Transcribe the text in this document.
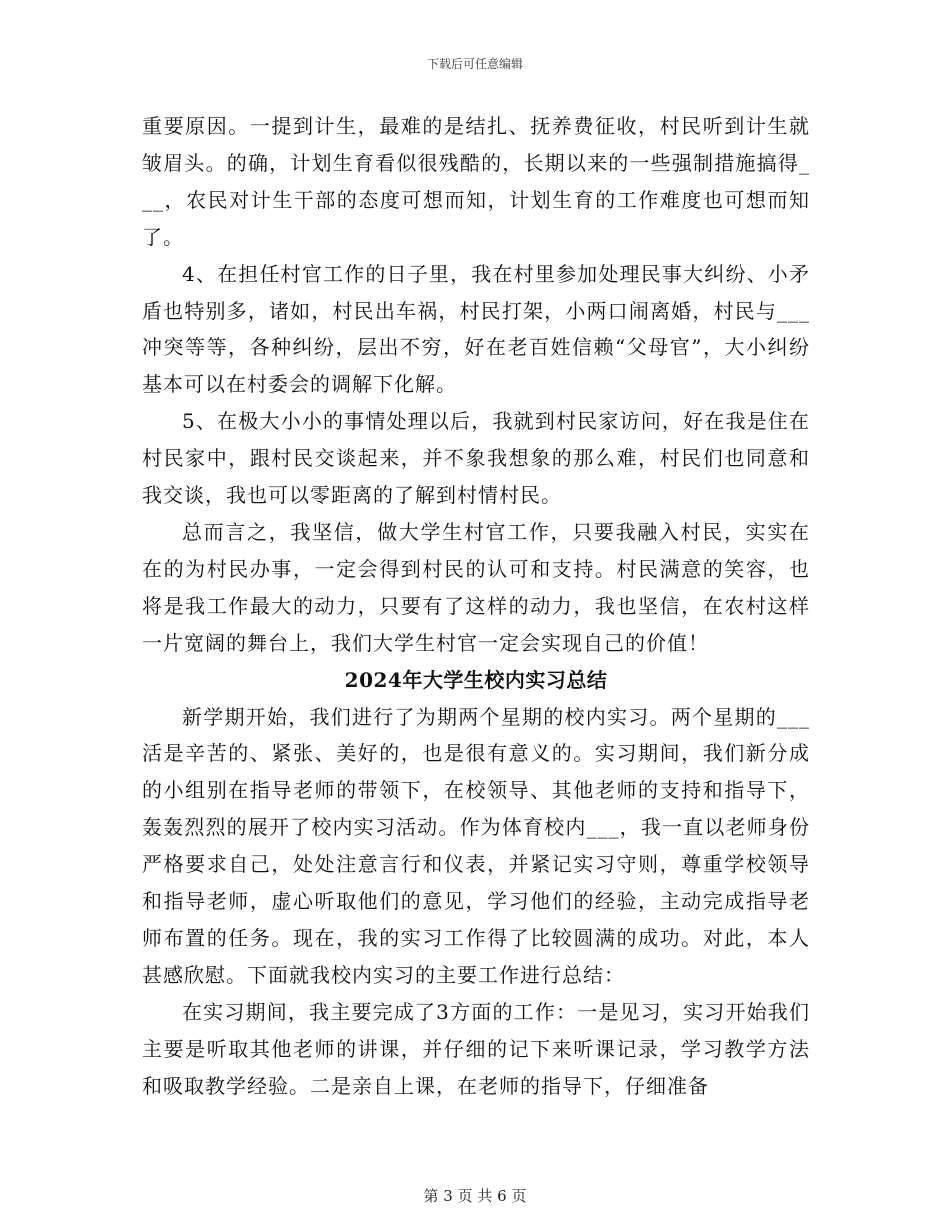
下载后可任意编辑

重要原因。一提到计生，最难的是结扎、抚养费征收，村民听到计生就皱眉头。的确，计划生育看似很残酷的，长期以来的一些强制措施搞得___，农民对计生干部的态度可想而知，计划生育的工作难度也可想而知了。

4、在担任村官工作的日子里，我在村里参加处理民事大纠纷、小矛盾也特别多，诸如，村民出车祸，村民打架，小两口闹离婚，村民与___冲突等等，各种纠纷，层出不穷，好在老百姓信赖“父母官”，大小纠纷基本可以在村委会的调解下化解。

5、在极大小小的事情处理以后，我就到村民家访问，好在我是住在村民家中，跟村民交谈起来，并不象我想象的那么难，村民们也同意和我交谈，我也可以零距离的了解到村情村民。

总而言之，我坚信，做大学生村官工作，只要我融入村民，实实在在的为村民办事，一定会得到村民的认可和支持。村民满意的笑容，也将是我工作最大的动力，只要有了这样的动力，我也坚信，在农村这样一片宽阔的舞台上，我们大学生村官一定会实现自己的价值！

2024年大学生校内实习总结

新学期开始，我们进行了为期两个星期的校内实习。两个星期的___活是辛苦的、紧张、美好的，也是很有意义的。实习期间，我们新分成的小组别在指导老师的带领下，在校领导、其他老师的支持和指导下，轰轰烈烈的展开了校内实习活动。作为体育校内___，我一直以老师身份严格要求自己，处处注意言行和仪表，并紧记实习守则，尊重学校领导和指导老师，虚心听取他们的意见，学习他们的经验，主动完成指导老师布置的任务。现在，我的实习工作得了比较圆满的成功。对此，本人甚感欣慰。下面就我校内实习的主要工作进行总结：

在实习期间，我主要完成了3方面的工作：一是见习，实习开始我们主要是听取其他老师的讲课，并仔细的记下来听课记录，学习教学方法和吸取教学经验。二是亲自上课，在老师的指导下，仔细准备

第 3 页 共 6 页
